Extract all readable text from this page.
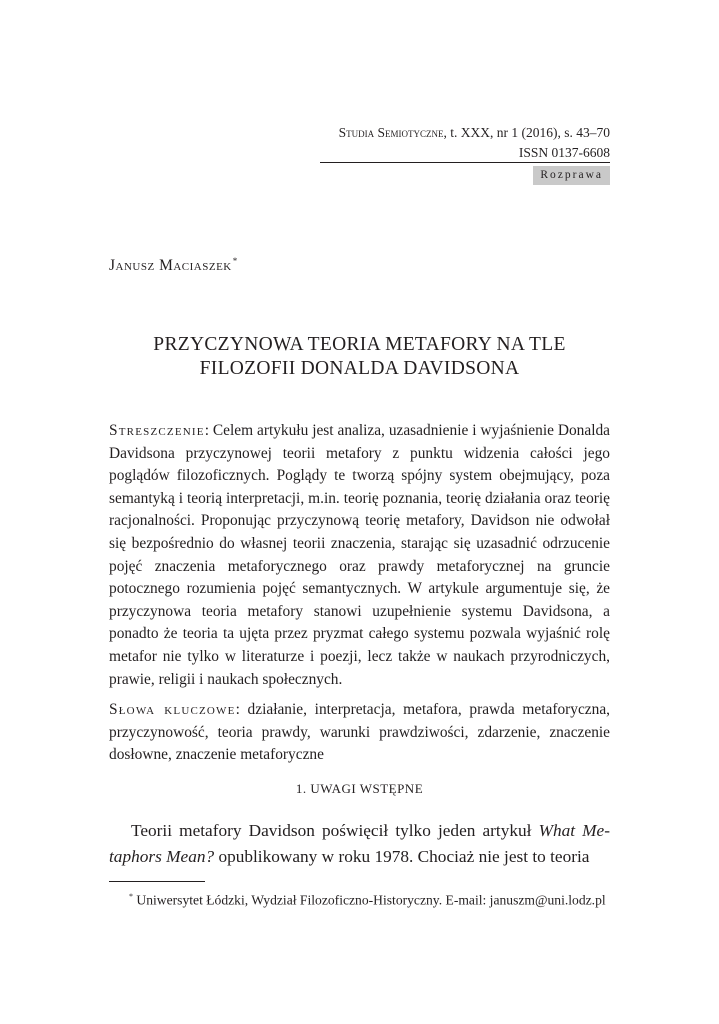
Studia Semiotyczne, t. XXX, nr 1 (2016), s. 43–70
ISSN 0137-6608
Rozprawa
Janusz Maciaszek*
PRZYCZYNOWA TEORIA METAFORY NA TLE
FILOZOFII DONALDA DAVIDSONA

Streszczenie: Celem artykułu jest analiza, uzasadnienie i wyjaśnienie Donalda Davidsona przyczynowej teorii metafory z punktu widzenia całości jego poglądów filozoficznych. Poglądy te tworzą spójny system obejmujący, poza semantyką i teorią interpretacji, m.in. teorię poznania, teorię działania oraz teorię racjonalności. Proponując przyczynową teorię metafory, Davidson nie odwołał się bezpośrednio do własnej teorii znaczenia, starając się uzasadnić odrzucenie pojęć znaczenia metaforycznego oraz prawdy metaforycznej na gruncie potocznego rozumienia pojęć semantycznych. W artykule argumentuje się, że przyczynowa teoria metafory stanowi uzupełnienie systemu Davidsona, a ponadto że teoria ta ujęta przez pryzmat całego systemu pozwala wyjaśnić rolę metafor nie tylko w literaturze i poezji, lecz także w naukach przyrodniczych, prawie, religii i naukach społecznych.

Słowa kluczowe: działanie, interpretacja, metafora, prawda metaforyczna, przyczynowość, teoria prawdy, warunki prawdziwości, zdarzenie, znaczenie dosłowne, znaczenie metaforyczne

1. UWAGI WSTĘPNE

Teorii metafory Davidson poświęcił tylko jeden artykuł What Metaphors Mean? opublikowany w roku 1978. Chociaż nie jest to teoria

* Uniwersytet Łódzki, Wydział Filozoficzno-Historyczny. E-mail: januszm@uni.lodz.pl
